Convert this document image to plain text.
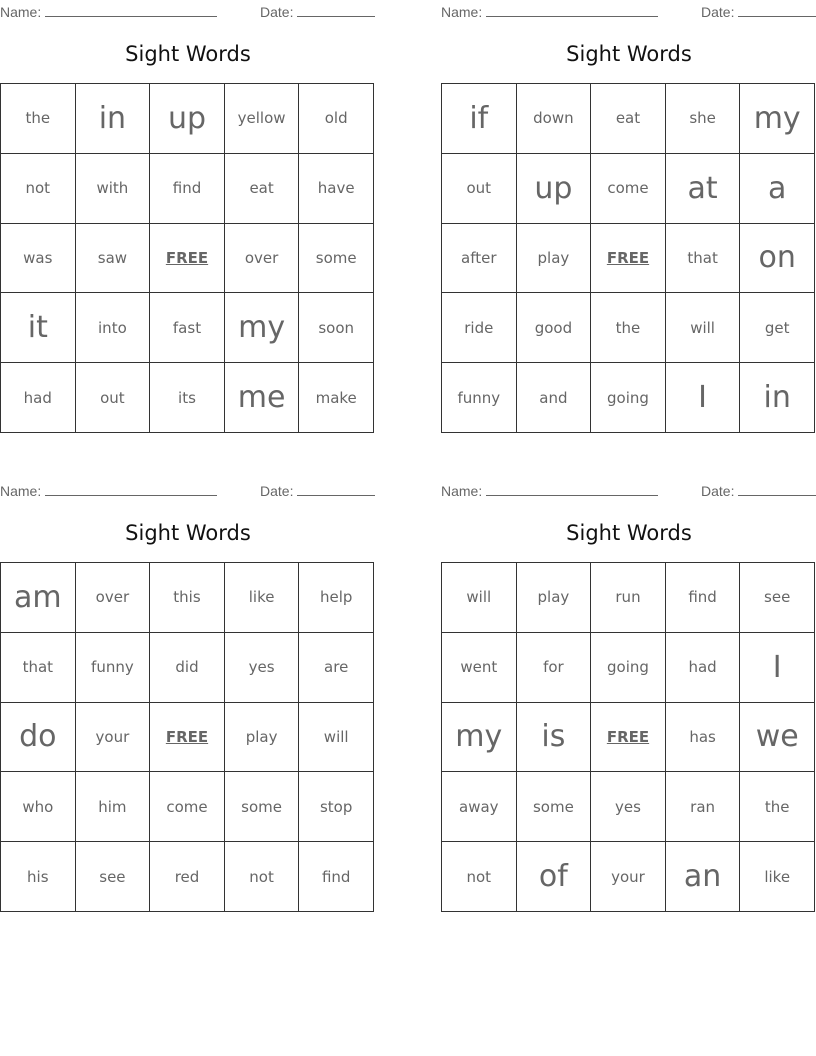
Name:	Date:
Sight Words
the	in	up	yellow	old
not	with	find	eat	have
was	saw	FREE	over	some
it	into	fast	my	soon
had	out	its	me	make
Name:	Date:
Sight Words
if	down	eat	she	my
out	up	come	at	a
after	play	FREE	that	on
ride	good	the	will	get
funny	and	going	I	in
Name:	Date:
Sight Words
am	over	this	like	help
that	funny	did	yes	are
do	your	FREE	play	will
who	him	come	some	stop
his	see	red	not	find
Name:	Date:
Sight Words
will	play	run	find	see
went	for	going	had	I
my	is	FREE	has	we
away	some	yes	ran	the
not	of	your	an	like
